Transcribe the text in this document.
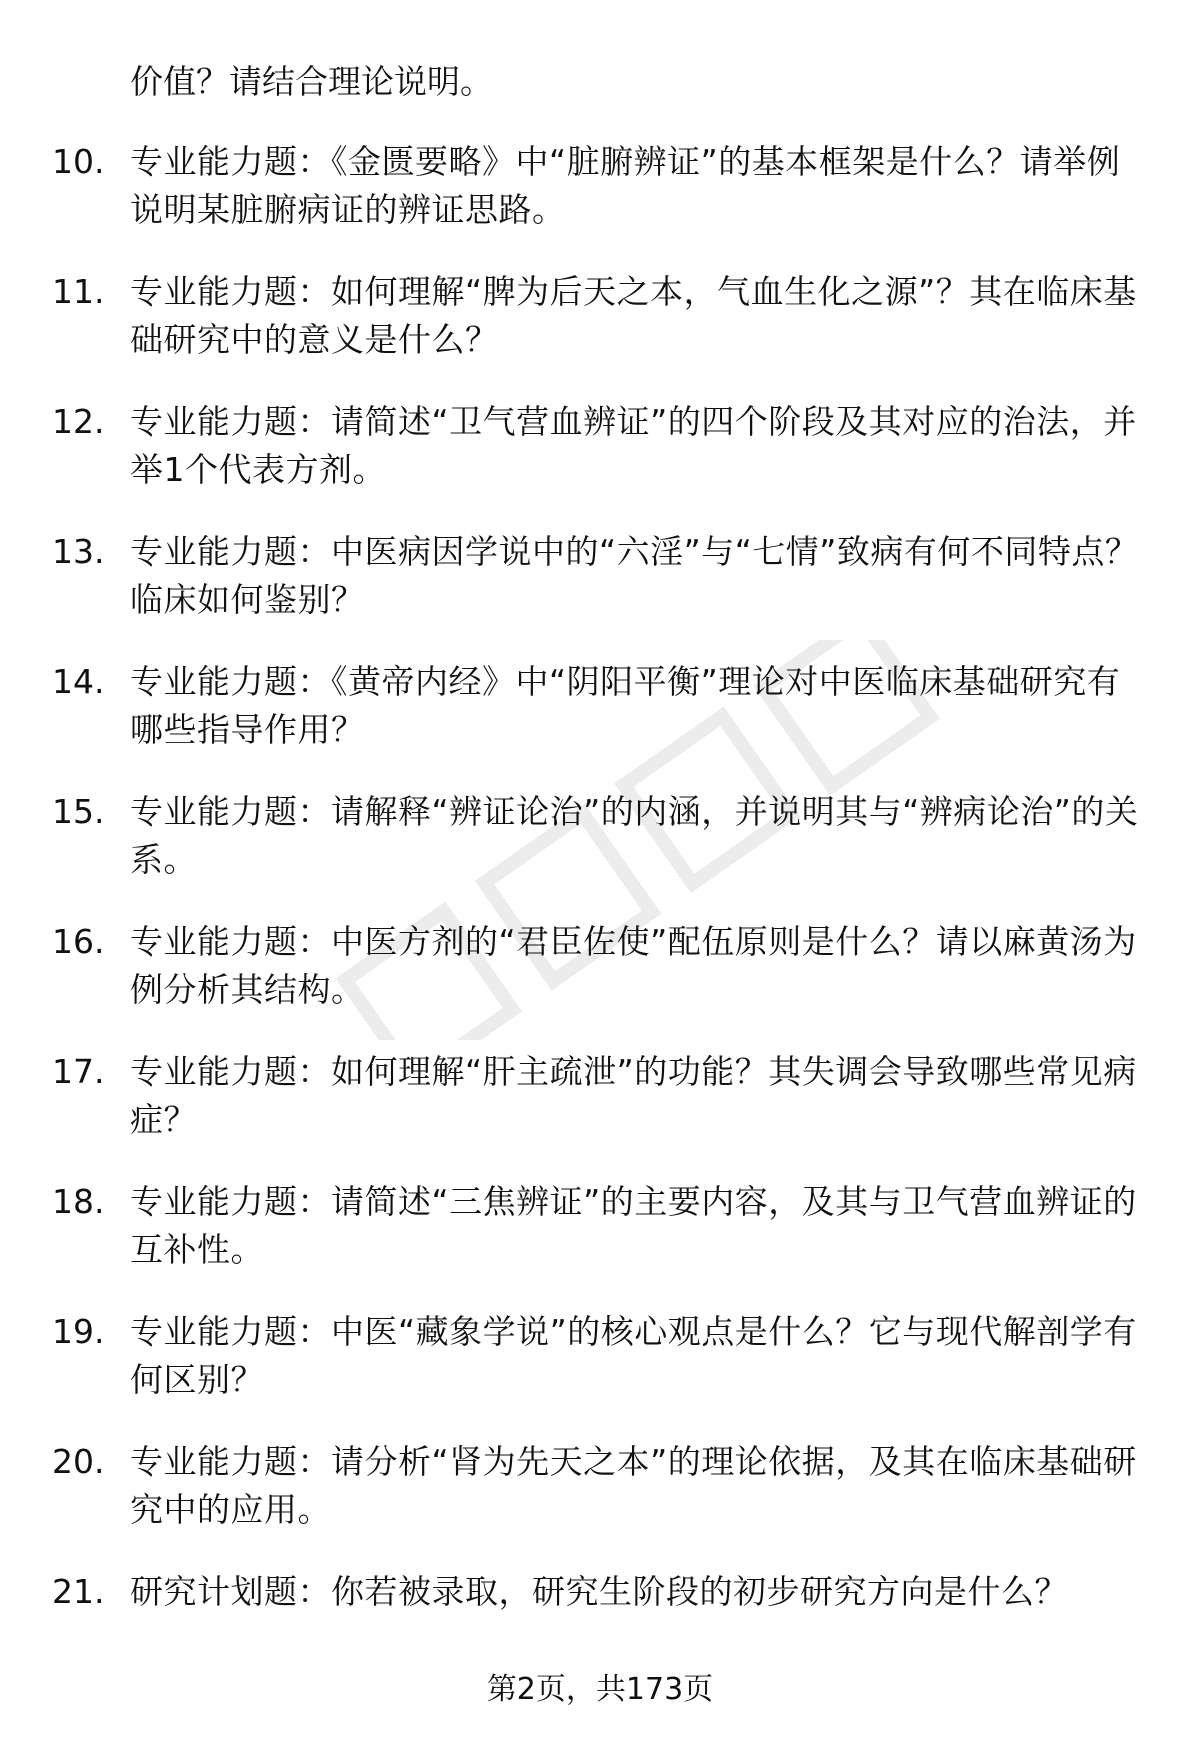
价值？请结合理论说明。
10. 专业能力题：《金匮要略》中“脏腑辨证”的基本框架是什么？请举例说明某脏腑病证的辨证思路。
11. 专业能力题：如何理解“脾为后天之本，气血生化之源”？其在临床基础研究中的意义是什么？
12. 专业能力题：请简述“卫气营血辨证”的四个阶段及其对应的治法，并举1个代表方剂。
13. 专业能力题：中医病因学说中的“六淫”与“七情”致病有何不同特点？临床如何鉴别？
14. 专业能力题：《黄帝内经》中“阴阳平衡”理论对中医临床基础研究有哪些指导作用？
15. 专业能力题：请解释“辨证论治”的内涵，并说明其与“辨病论治”的关系。
16. 专业能力题：中医方剂的“君臣佐使”配伍原则是什么？请以麻黄汤为例分析其结构。
17. 专业能力题：如何理解“肝主疏泄”的功能？其失调会导致哪些常见病症？
18. 专业能力题：请简述“三焦辨证”的主要内容，及其与卫气营血辨证的互补性。
19. 专业能力题：中医“藏象学说”的核心观点是什么？它与现代解剖学有何区别？
20. 专业能力题：请分析“肾为先天之本”的理论依据，及其在临床基础研究中的应用。
21. 研究计划题：你若被录取，研究生阶段的初步研究方向是什么？
第2页，共173页
